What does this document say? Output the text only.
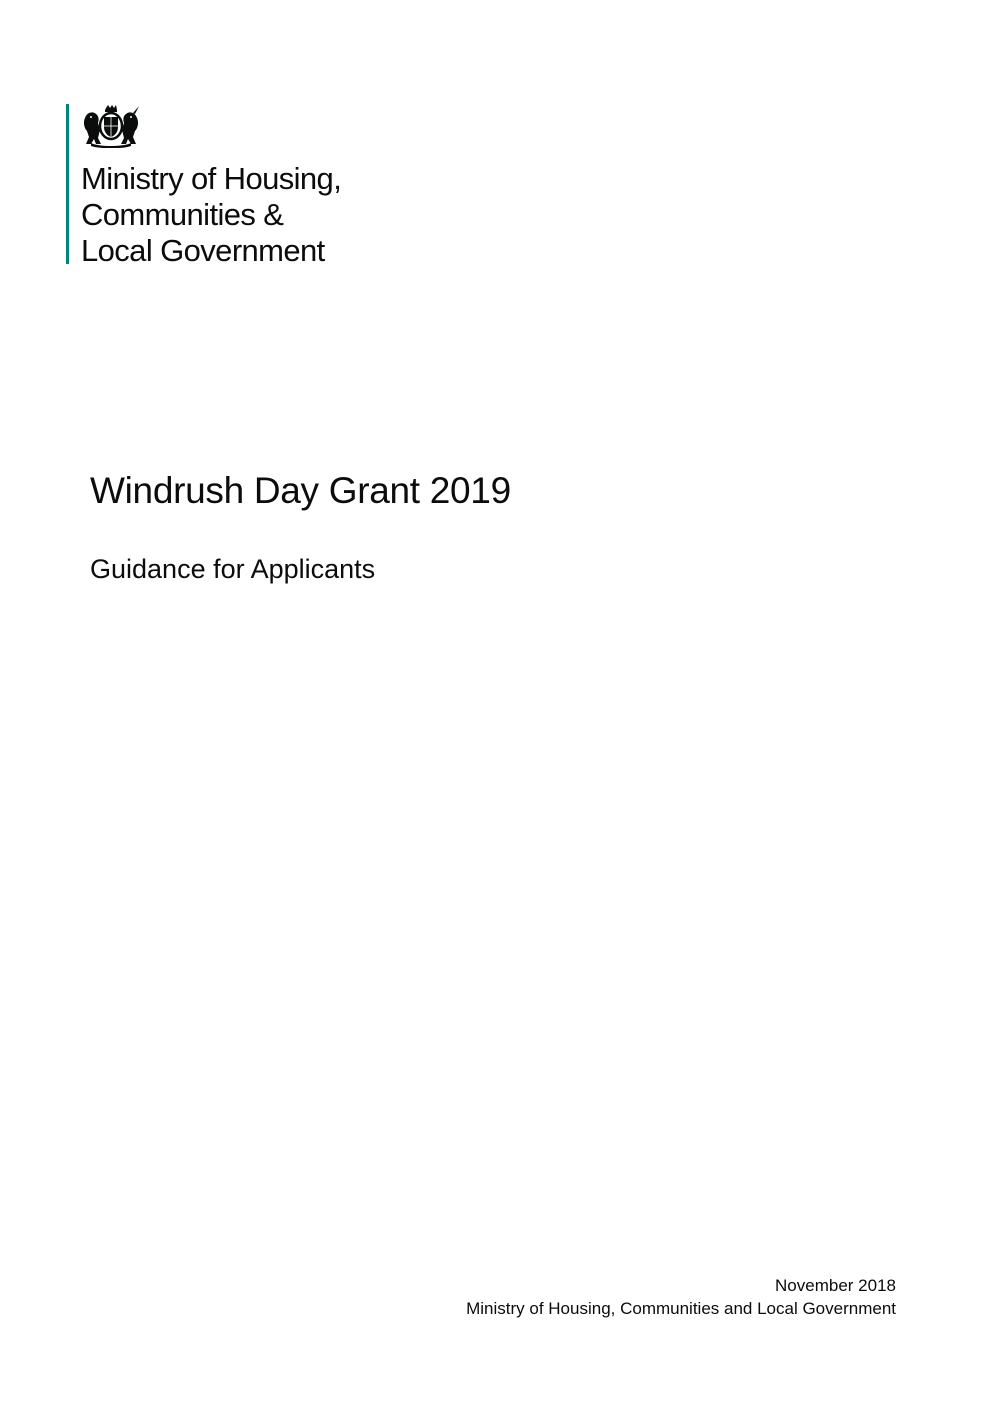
Ministry of Housing,
Communities &
Local Government
Windrush Day Grant 2019
Guidance for Applicants
November 2018
Ministry of Housing, Communities and Local Government
